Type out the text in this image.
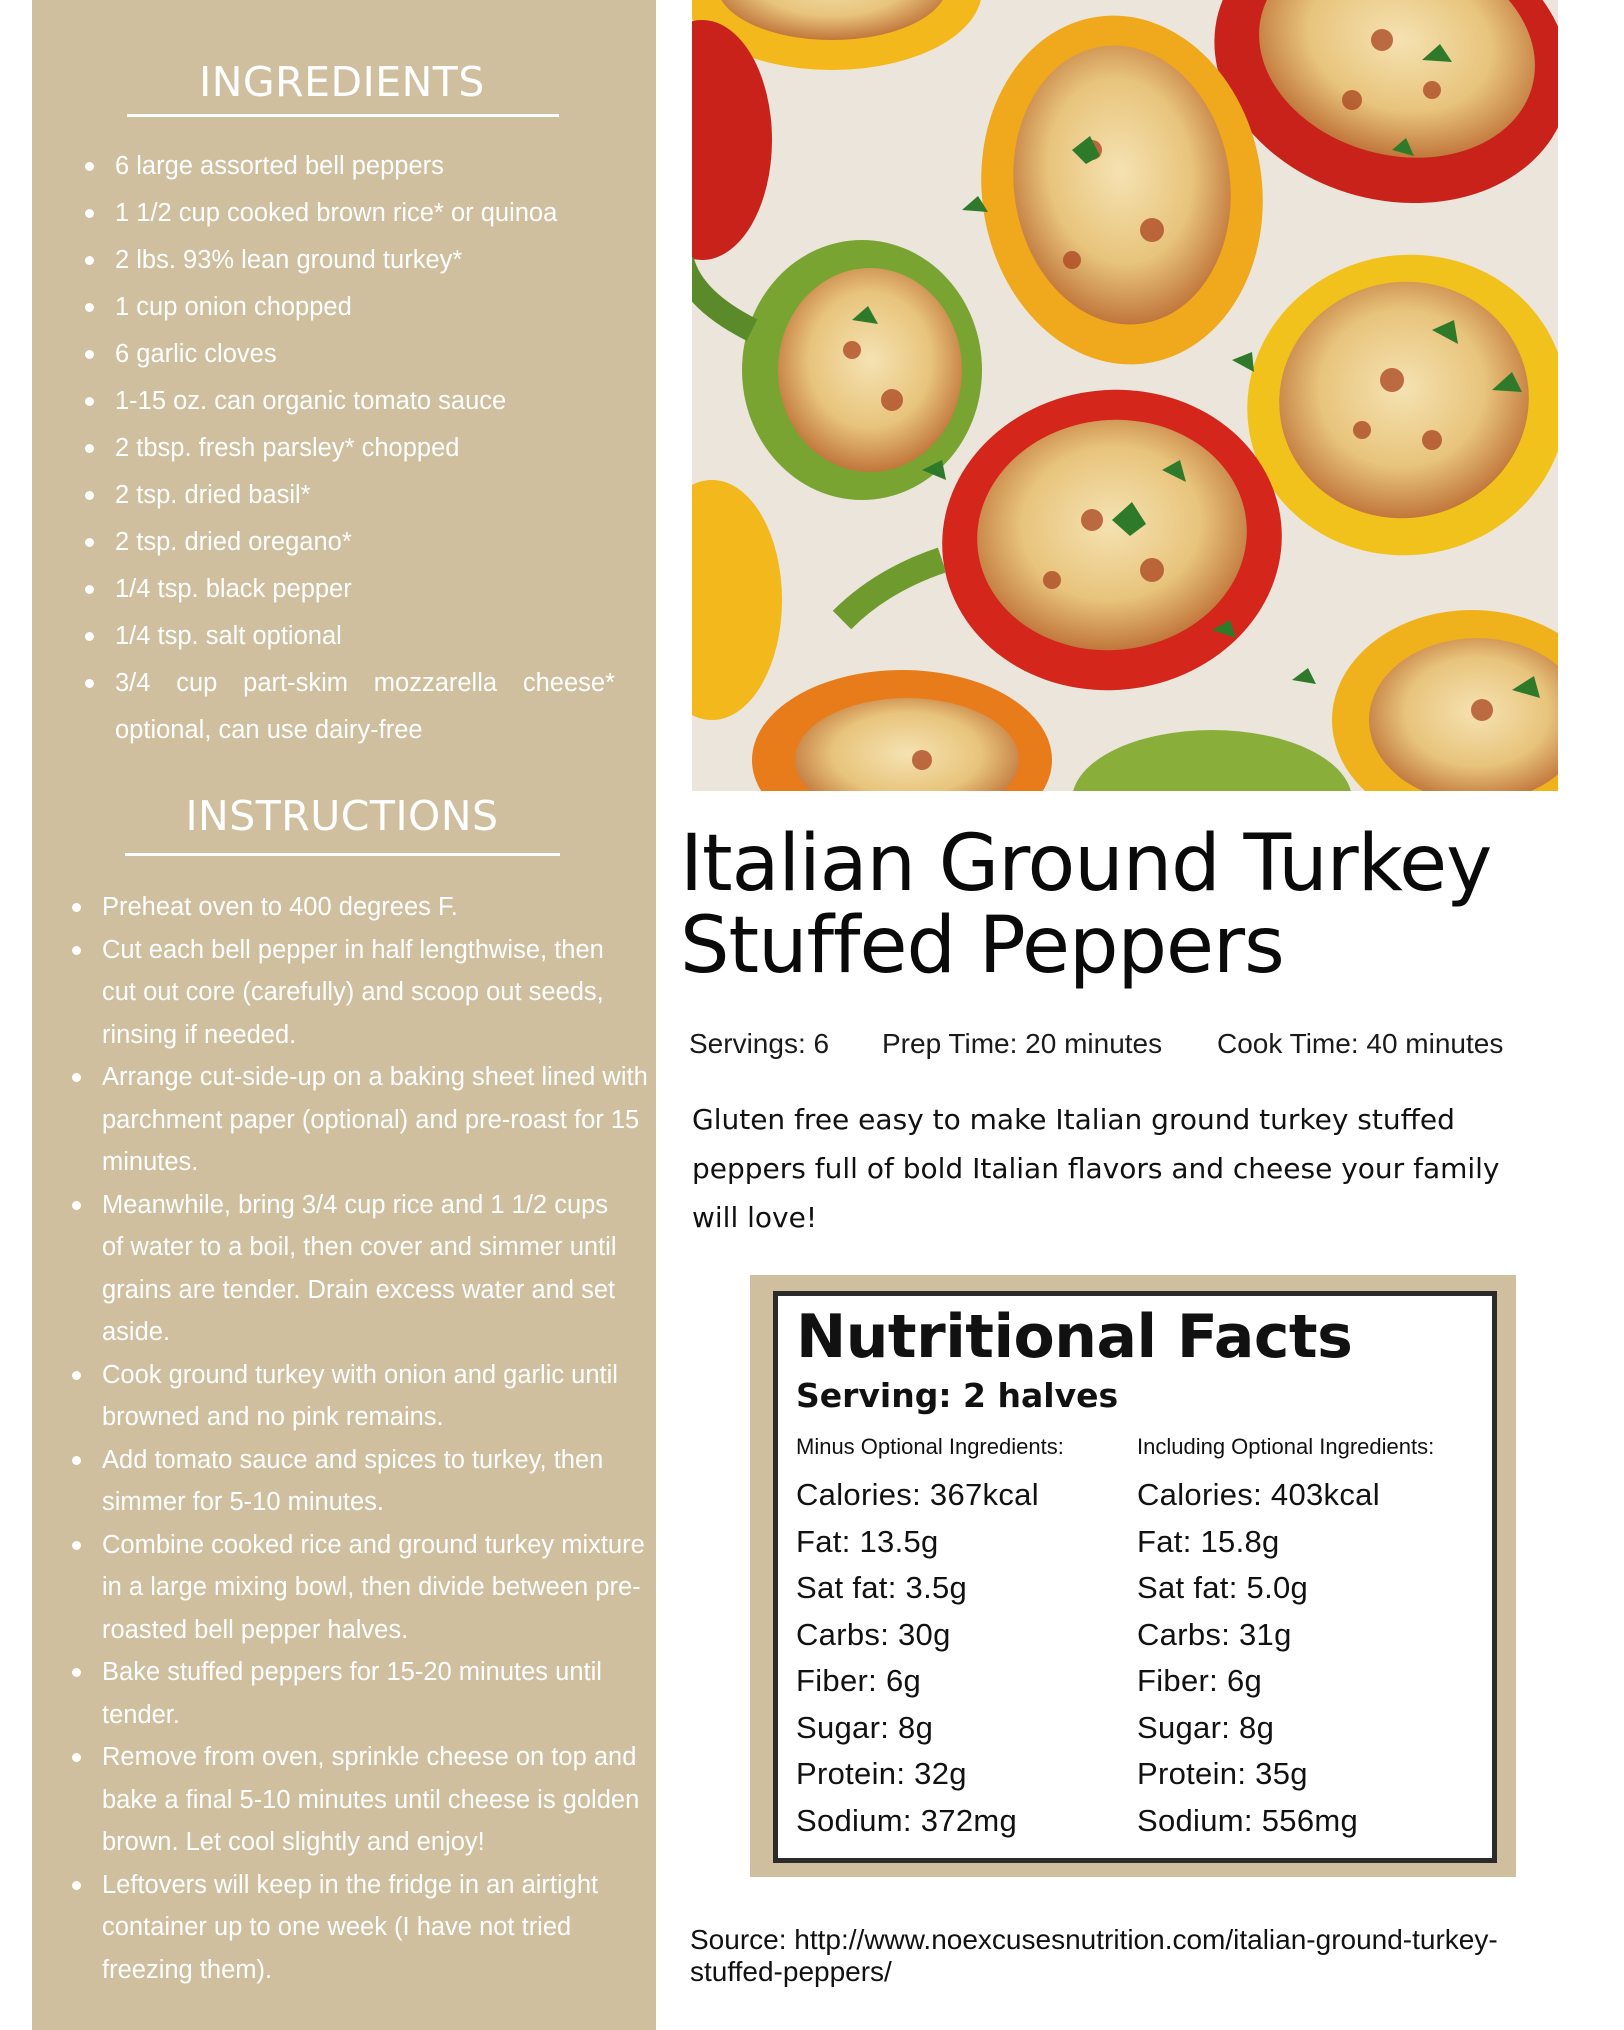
INGREDIENTS
6 large assorted bell peppers
1 1/2 cup cooked brown rice* or quinoa
2 lbs. 93% lean ground turkey*
1 cup onion chopped
6 garlic cloves
1-15 oz. can organic tomato sauce
2 tbsp. fresh parsley* chopped
2 tsp. dried basil*
2 tsp. dried oregano*
1/4 tsp. black pepper
1/4 tsp. salt optional
3/4 cup part-skim mozzarella cheese* optional, can use dairy-free
INSTRUCTIONS
Preheat oven to 400 degrees F.
Cut each bell pepper in half lengthwise, then cut out core (carefully) and scoop out seeds, rinsing if needed.
Arrange cut-side-up on a baking sheet lined with parchment paper (optional) and pre-roast for 15 minutes.
Meanwhile, bring 3/4 cup rice and 1 1/2 cups of water to a boil, then cover and simmer until grains are tender. Drain excess water and set aside.
Cook ground turkey with onion and garlic until browned and no pink remains.
Add tomato sauce and spices to turkey, then simmer for 5-10 minutes.
Combine cooked rice and ground turkey mixture in a large mixing bowl, then divide between pre-roasted bell pepper halves.
Bake stuffed peppers for 15-20 minutes until tender.
Remove from oven, sprinkle cheese on top and bake a final 5-10 minutes until cheese is golden brown. Let cool slightly and enjoy!
Leftovers will keep in the fridge in an airtight container up to one week (I have not tried freezing them).
Italian Ground Turkey
Stuffed Peppers
Servings: 6 Prep Time: 20 minutes Cook Time: 40 minutes

Gluten free easy to make Italian ground turkey stuffed peppers full of bold Italian flavors and cheese your family will love!

Nutritional Facts
Serving: 2 halves
Minus Optional Ingredients:
Calories: 367kcal
Fat: 13.5g
Sat fat: 3.5g
Carbs: 30g
Fiber: 6g
Sugar: 8g
Protein: 32g
Sodium: 372mg
Including Optional Ingredients:
Calories: 403kcal
Fat: 15.8g
Sat fat: 5.0g
Carbs: 31g
Fiber: 6g
Sugar: 8g
Protein: 35g
Sodium: 556mg
Source: http://www.noexcusesnutrition.com/italian-ground-turkey-stuffed-peppers/
